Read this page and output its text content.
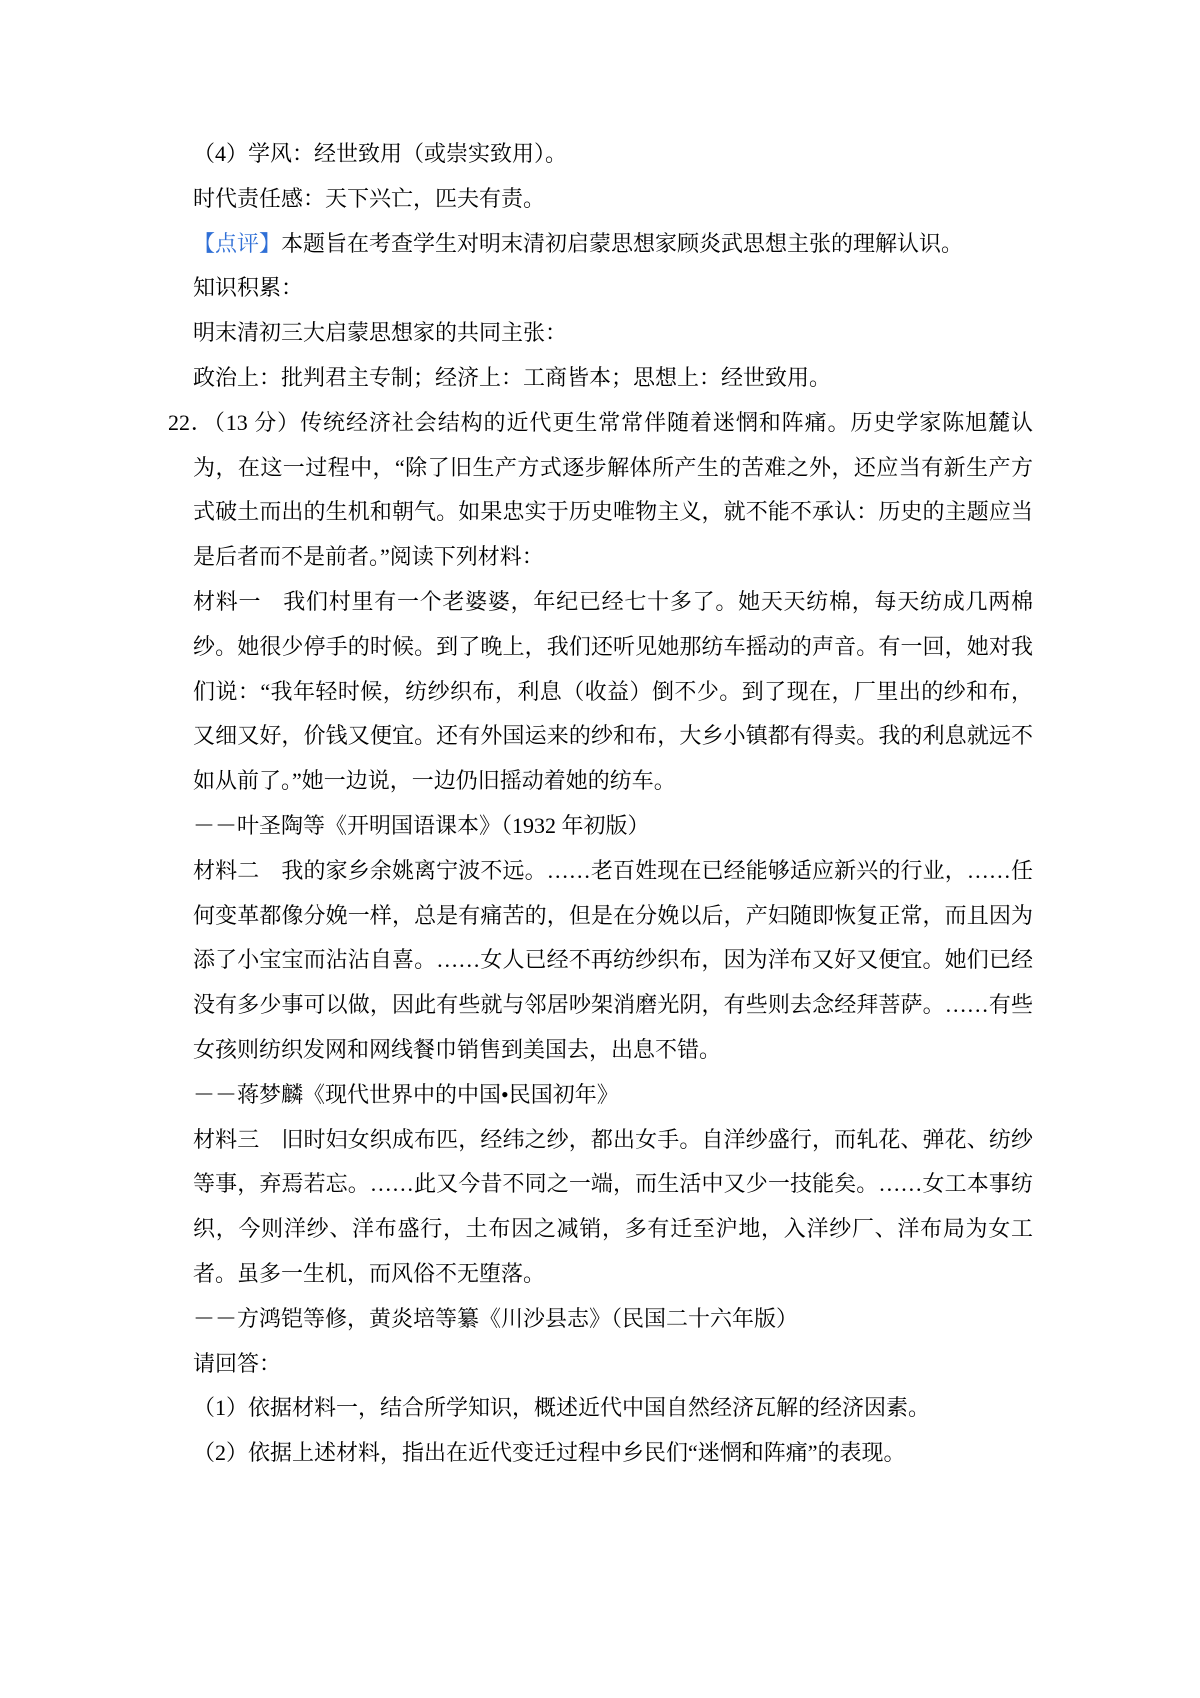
（4）学风：经世致用（或崇实致用）。
时代责任感：天下兴亡，匹夫有责。
【点评】本题旨在考查学生对明末清初启蒙思想家顾炎武思想主张的理解认识。
知识积累：
明末清初三大启蒙思想家的共同主张：
政治上：批判君主专制；经济上：工商皆本；思想上：经世致用。
22．（13 分）传统经济社会结构的近代更生常常伴随着迷惘和阵痛。历史学家陈旭麓认
为，在这一过程中，“除了旧生产方式逐步解体所产生的苦难之外，还应当有新生产方
式破土而出的生机和朝气。如果忠实于历史唯物主义，就不能不承认：历史的主题应当
是后者而不是前者。”阅读下列材料：
材料一 我们村里有一个老婆婆，年纪已经七十多了。她天天纺棉，每天纺成几两棉
纱。她很少停手的时候。到了晚上，我们还听见她那纺车摇动的声音。有一回，她对我
们说：“我年轻时候，纺纱织布，利息（收益）倒不少。到了现在，厂里出的纱和布，
又细又好，价钱又便宜。还有外国运来的纱和布，大乡小镇都有得卖。我的利息就远不
如从前了。”她一边说，一边仍旧摇动着她的纺车。
－－叶圣陶等《开明国语课本》（1932 年初版）
材料二 我的家乡余姚离宁波不远。……老百姓现在已经能够适应新兴的行业，……任
何变革都像分娩一样，总是有痛苦的，但是在分娩以后，产妇随即恢复正常，而且因为
添了小宝宝而沾沾自喜。……女人已经不再纺纱织布，因为洋布又好又便宜。她们已经
没有多少事可以做，因此有些就与邻居吵架消磨光阴，有些则去念经拜菩萨。……有些
女孩则纺织发网和网线餐巾销售到美国去，出息不错。
－－蒋梦麟《现代世界中的中国•民国初年》
材料三 旧时妇女织成布匹，经纬之纱，都出女手。自洋纱盛行，而轧花、弹花、纺纱
等事，弃焉若忘。……此又今昔不同之一端，而生活中又少一技能矣。……女工本事纺
织，今则洋纱、洋布盛行，土布因之减销，多有迁至沪地，入洋纱厂、洋布局为女工
者。虽多一生机，而风俗不无堕落。
－－方鸿铠等修，黄炎培等纂《川沙县志》（民国二十六年版）
请回答：
（1）依据材料一，结合所学知识，概述近代中国自然经济瓦解的经济因素。
（2）依据上述材料，指出在近代变迁过程中乡民们“迷惘和阵痛”的表现。
